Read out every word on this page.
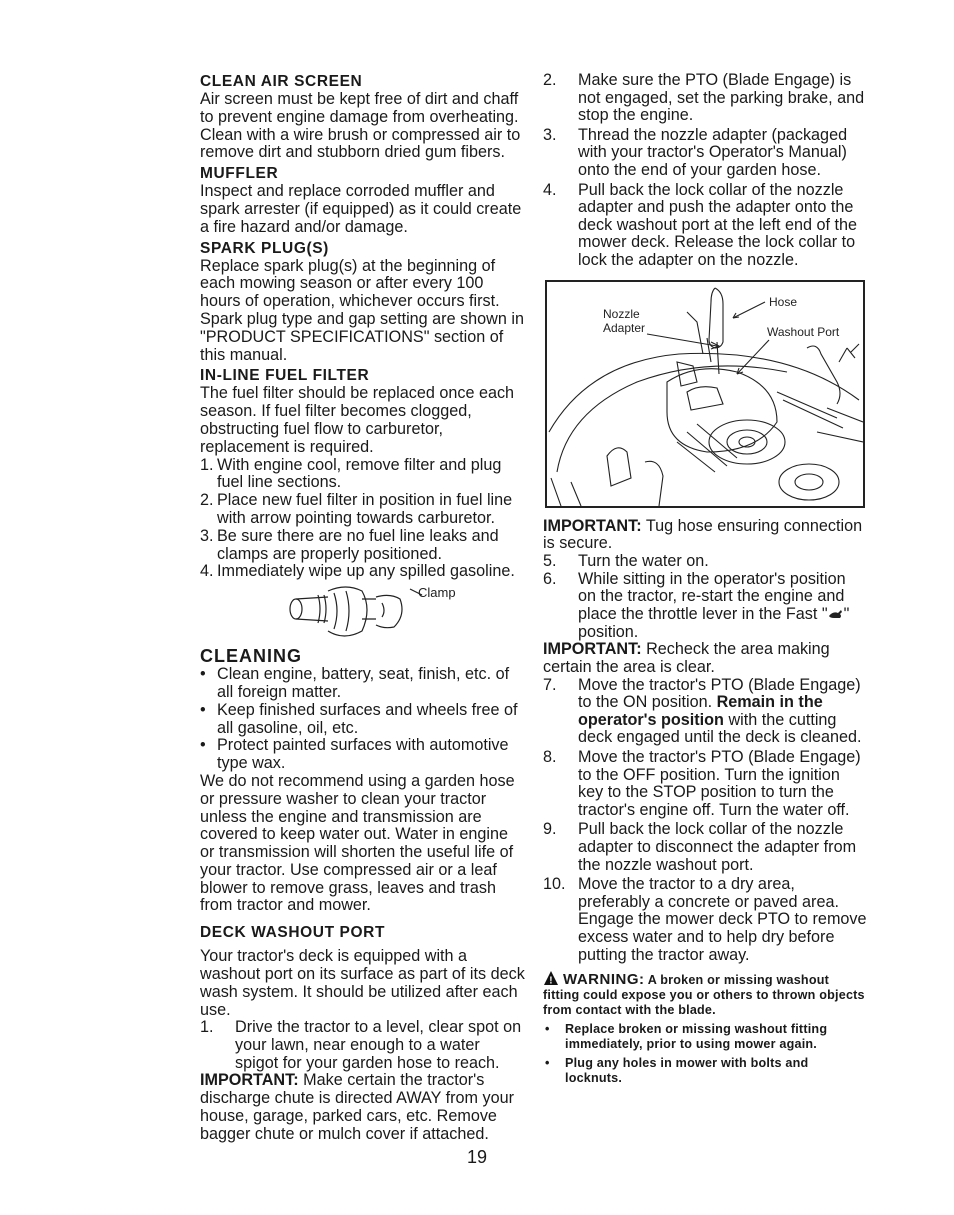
CLEAN AIR SCREEN

Air screen must be kept free of dirt and chaff to prevent engine damage from overheating. Clean with a wire brush or compressed air to remove dirt and stubborn dried gum fibers.

MUFFLER

Inspect and replace corroded muffler and spark arrester (if equipped) as it could create a fire hazard and/or damage.

SPARK PLUG(S)

Replace spark plug(s) at the beginning of each mowing season or after every 100 hours of operation, whichever occurs first. Spark plug type and gap setting are shown in "PRODUCT SPECIFICATIONS" section of this manual.

IN-LINE FUEL FILTER

The fuel filter should be replaced once each season. If fuel filter becomes clogged, obstructing fuel flow to carburetor, replacement is required.

1. With engine cool, remove filter and plug fuel line sections.
2. Place new fuel filter in position in fuel line with arrow pointing towards carburetor.
3. Be sure there are no fuel line leaks and clamps are properly positioned.
4. Immediately wipe up any spilled gasoline.
Clamp
CLEANING
• Clean engine, battery, seat, finish, etc. of all foreign matter.
• Keep finished surfaces and wheels free of all gasoline, oil, etc.
• Protect painted surfaces with automotive type wax.

We do not recommend using a garden hose or pressure washer to clean your tractor unless the engine and transmission are covered to keep water out. Water in engine or transmission will shorten the useful life of your tractor. Use compressed air or a leaf blower to remove grass, leaves and trash from tractor and mower.

DECK WASHOUT PORT

Your tractor's deck is equipped with a washout port on its surface as part of its deck wash system. It should be utilized after each use.

1. Drive the tractor to a level, clear spot on your lawn, near enough to a water spigot for your garden hose to reach.

IMPORTANT: Make certain the tractor's discharge chute is directed AWAY from your house, garage, parked cars, etc. Remove bagger chute or mulch cover if attached.

2. Make sure the PTO (Blade Engage) is not engaged, set the parking brake, and stop the engine.
3. Thread the nozzle adapter (packaged with your tractor's Operator's Manual) onto the end of your garden hose.
4. Pull back the lock collar of the nozzle adapter and push the adapter onto the deck washout port at the left end of the mower deck. Release the lock collar to lock the adapter on the nozzle.
Nozzle
Adapter
Hose
Washout Port

IMPORTANT: Tug hose ensuring connection is secure.

5. Turn the water on.
6. While sitting in the operator's position on the tractor, re-start the engine and place the throttle lever in the Fast " " position.

IMPORTANT: Recheck the area making certain the area is clear.

7. Move the tractor's PTO (Blade Engage) to the ON position. Remain in the operator's position with the cutting deck engaged until the deck is cleaned.
8. Move the tractor's PTO (Blade Engage) to the OFF position. Turn the ignition key to the STOP position to turn the tractor's engine off. Turn the water off.
9. Pull back the lock collar of the nozzle adapter to disconnect the adapter from the nozzle washout port.
10. Move the tractor to a dry area, preferably a concrete or paved area. Engage the mower deck PTO to remove excess water and to help dry before putting the tractor away.
! WARNING: A broken or missing washout fitting could expose you or others to thrown objects from contact with the blade.
• Replace broken or missing washout fitting immediately, prior to using mower again.
• Plug any holes in mower with bolts and locknuts.
19
